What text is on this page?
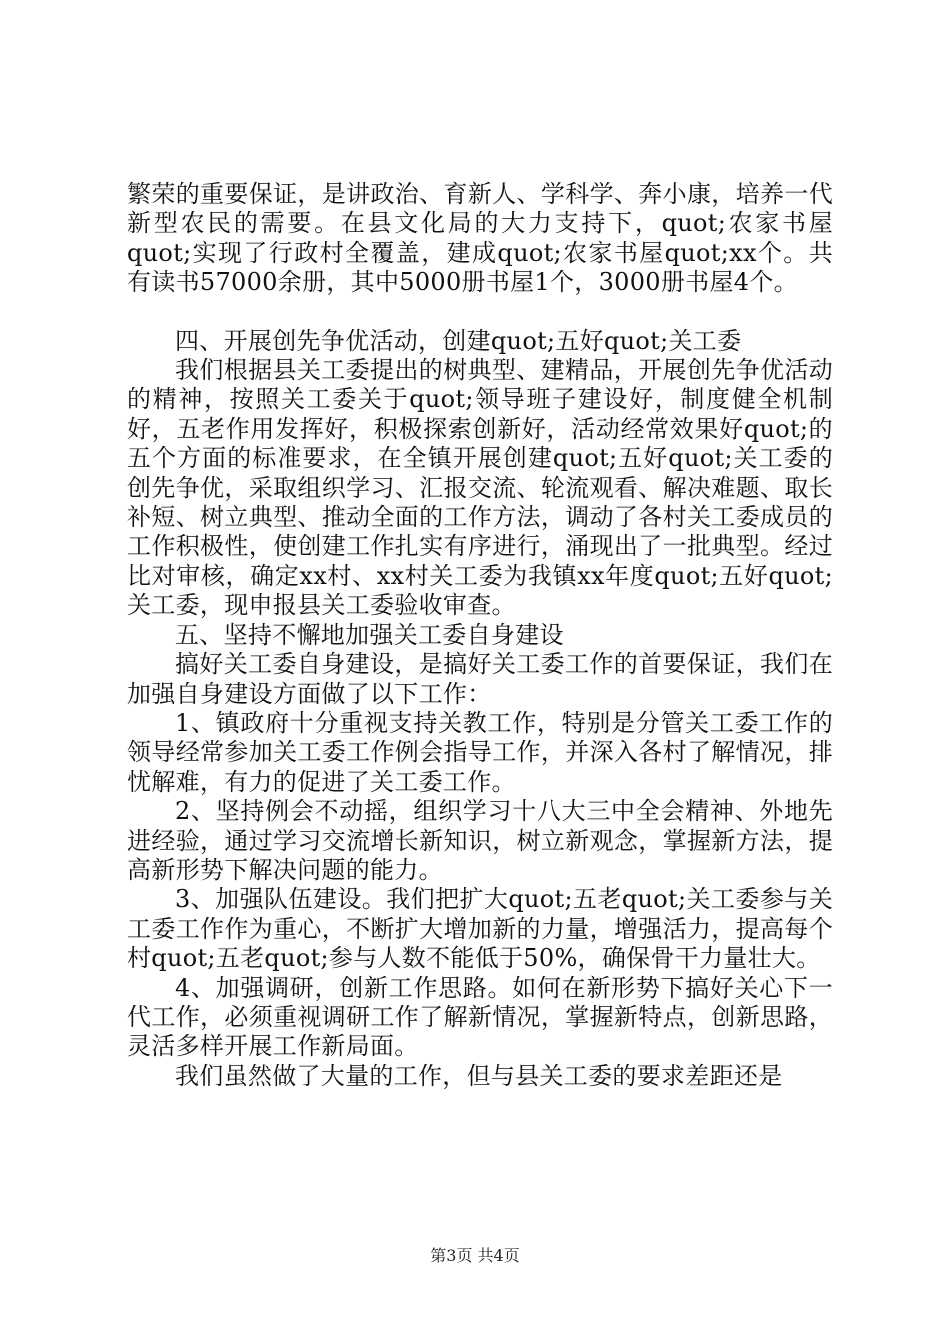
繁荣的重要保证，是讲政治、育新人、学科学、奔小康，培养一代新型农民的需要。在县文化局的大力支持下，quot;农家书屋quot;实现了行政村全覆盖，建成quot;农家书屋quot;xx个。共有读书57000余册，其中5000册书屋1个，3000册书屋4个。

四、开展创先争优活动，创建quot;五好quot;关工委

我们根据县关工委提出的树典型、建精品，开展创先争优活动的精神，按照关工委关于quot;领导班子建设好，制度健全机制好，五老作用发挥好，积极探索创新好，活动经常效果好quot;的五个方面的标准要求，在全镇开展创建quot;五好quot;关工委的创先争优，采取组织学习、汇报交流、轮流观看、解决难题、取长补短、树立典型、推动全面的工作方法，调动了各村关工委成员的工作积极性，使创建工作扎实有序进行，涌现出了一批典型。经过比对审核，确定xx村、xx村关工委为我镇xx年度quot;五好quot;关工委，现申报县关工委验收审查。

五、坚持不懈地加强关工委自身建设

搞好关工委自身建设，是搞好关工委工作的首要保证，我们在加强自身建设方面做了以下工作：

1、镇政府十分重视支持关教工作，特别是分管关工委工作的领导经常参加关工委工作例会指导工作，并深入各村了解情况，排忧解难，有力的促进了关工委工作。

2、坚持例会不动摇，组织学习十八大三中全会精神、外地先进经验，通过学习交流增长新知识，树立新观念，掌握新方法，提高新形势下解决问题的能力。

3、加强队伍建设。我们把扩大quot;五老quot;关工委参与关工委工作作为重心，不断扩大增加新的力量，增强活力，提高每个村quot;五老quot;参与人数不能低于50%，确保骨干力量壮大。

4、加强调研，创新工作思路。如何在新形势下搞好关心下一代工作，必须重视调研工作了解新情况，掌握新特点，创新思路，灵活多样开展工作新局面。

我们虽然做了大量的工作，但与县关工委的要求差距还是

第3页 共4页
